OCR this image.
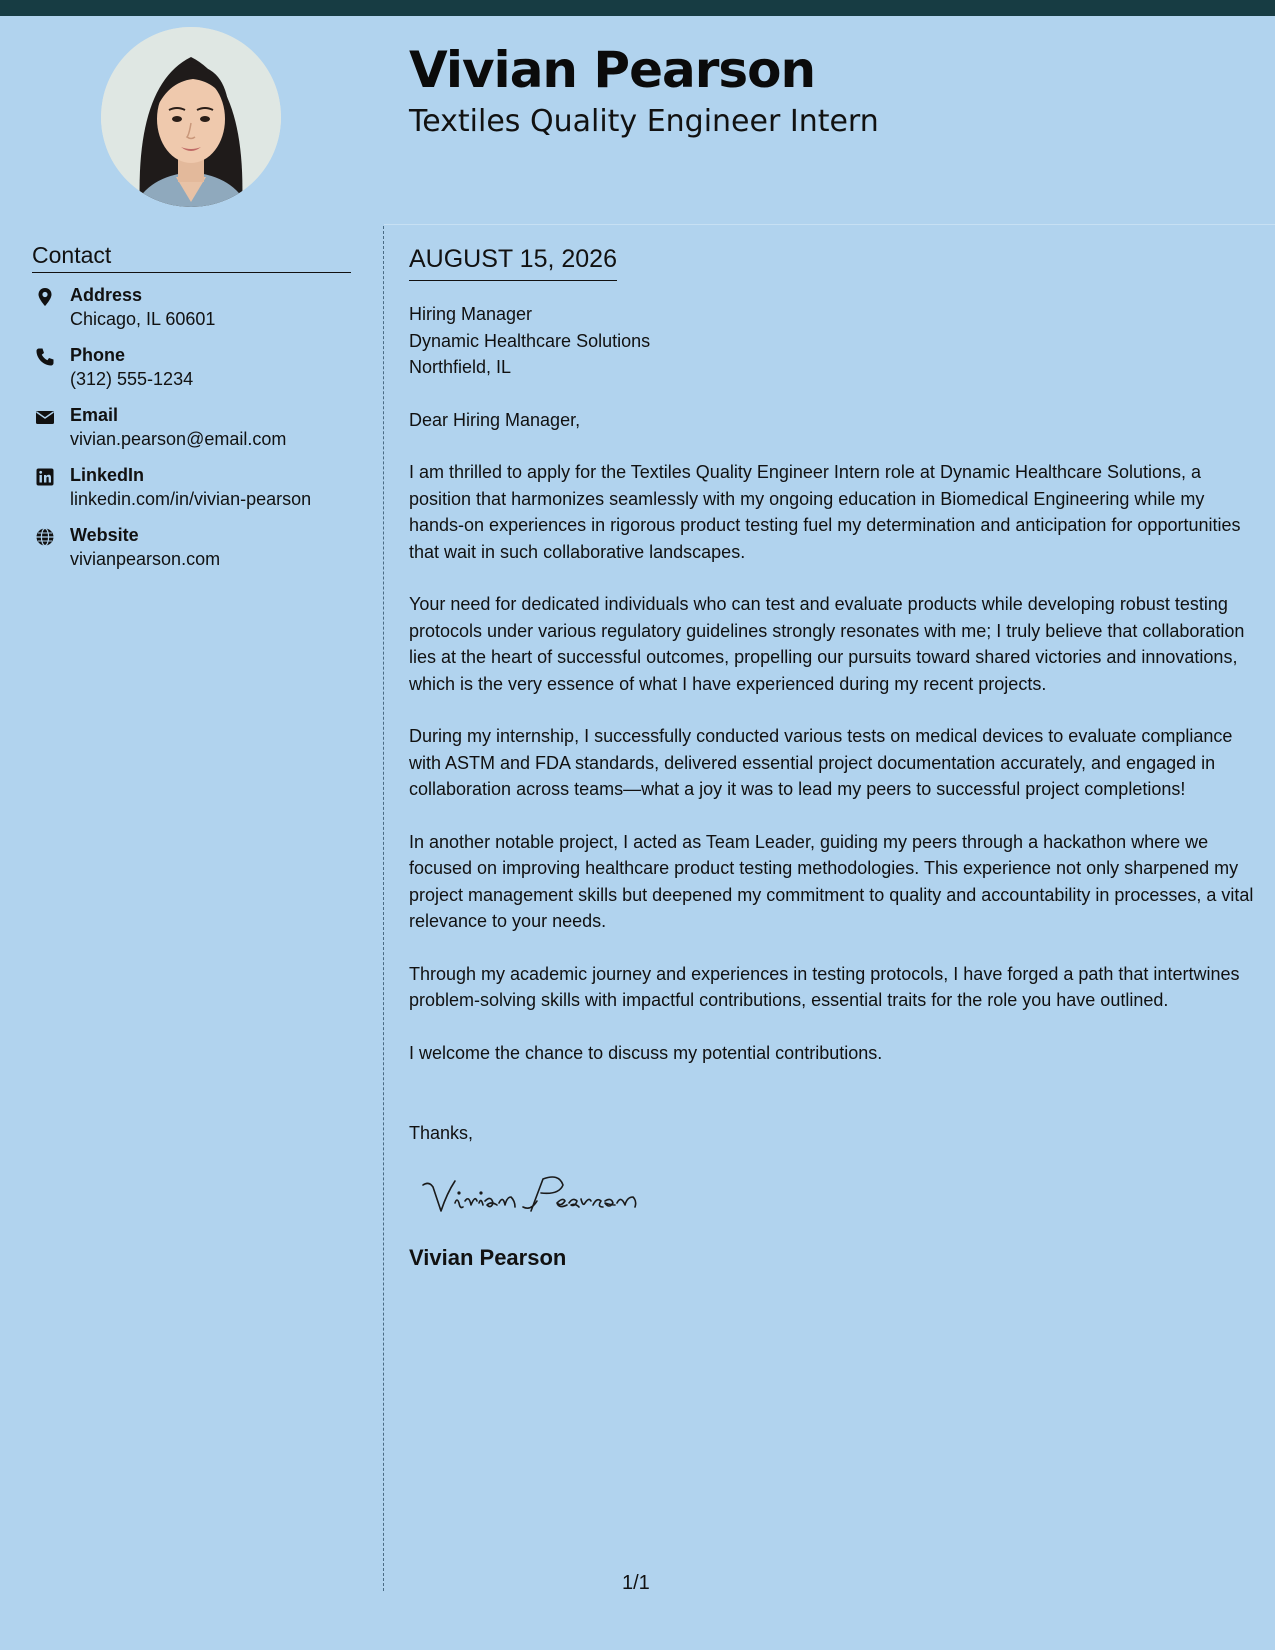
Vivian Pearson
Textiles Quality Engineer Intern
Contact
Address
Chicago, IL 60601
Phone
(312) 555-1234
Email
vivian.pearson@email.com
LinkedIn
linkedin.com/in/vivian-pearson
Website
vivianpearson.com
AUGUST 15, 2026
Hiring Manager
Dynamic Healthcare Solutions
Northfield, IL
Dear Hiring Manager,

I am thrilled to apply for the Textiles Quality Engineer Intern role at Dynamic Healthcare Solutions, a position that harmonizes seamlessly with my ongoing education in Biomedical Engineering while my hands-on experiences in rigorous product testing fuel my determination and anticipation for opportunities that wait in such collaborative landscapes.

Your need for dedicated individuals who can test and evaluate products while developing robust testing protocols under various regulatory guidelines strongly resonates with me; I truly believe that collaboration lies at the heart of successful outcomes, propelling our pursuits toward shared victories and innovations, which is the very essence of what I have experienced during my recent projects.

During my internship, I successfully conducted various tests on medical devices to evaluate compliance with ASTM and FDA standards, delivered essential project documentation accurately, and engaged in collaboration across teams—what a joy it was to lead my peers to successful project completions!

In another notable project, I acted as Team Leader, guiding my peers through a hackathon where we focused on improving healthcare product testing methodologies. This experience not only sharpened my project management skills but deepened my commitment to quality and accountability in processes, a vital relevance to your needs.

Through my academic journey and experiences in testing protocols, I have forged a path that intertwines problem-solving skills with impactful contributions, essential traits for the role you have outlined.

I welcome the chance to discuss my potential contributions.

Thanks,
Vivian Pearson
1/1
